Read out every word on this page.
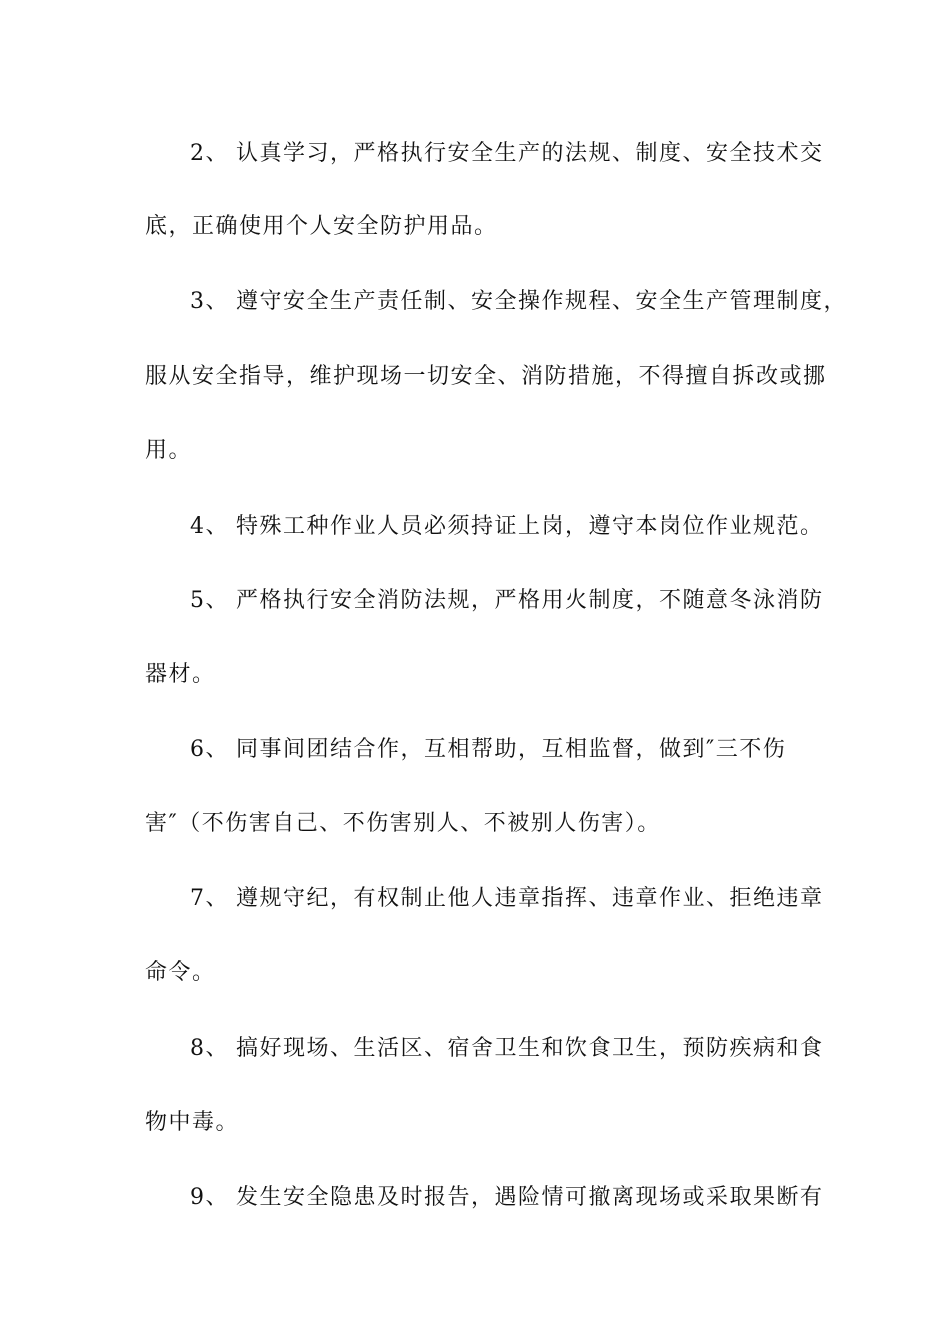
2、 认真学习，严格执行安全生产的法规、制度、安全技术交
底，正确使用个人安全防护用品。
3、 遵守安全生产责任制、安全操作规程、安全生产管理制度，
服从安全指导，维护现场一切安全、消防措施，不得擅自拆改或挪
用。
4、 特殊工种作业人员必须持证上岗，遵守本岗位作业规范。
5、 严格执行安全消防法规，严格用火制度，不随意冬泳消防
器材。
6、 同事间团结合作，互相帮助，互相监督，做到″三不伤
害″（不伤害自己、不伤害别人、不被别人伤害）。
7、 遵规守纪，有权制止他人违章指挥、违章作业、拒绝违章
命令。
8、 搞好现场、生活区、宿舍卫生和饮食卫生，预防疾病和食
物中毒。
9、 发生安全隐患及时报告，遇险情可撤离现场或采取果断有
